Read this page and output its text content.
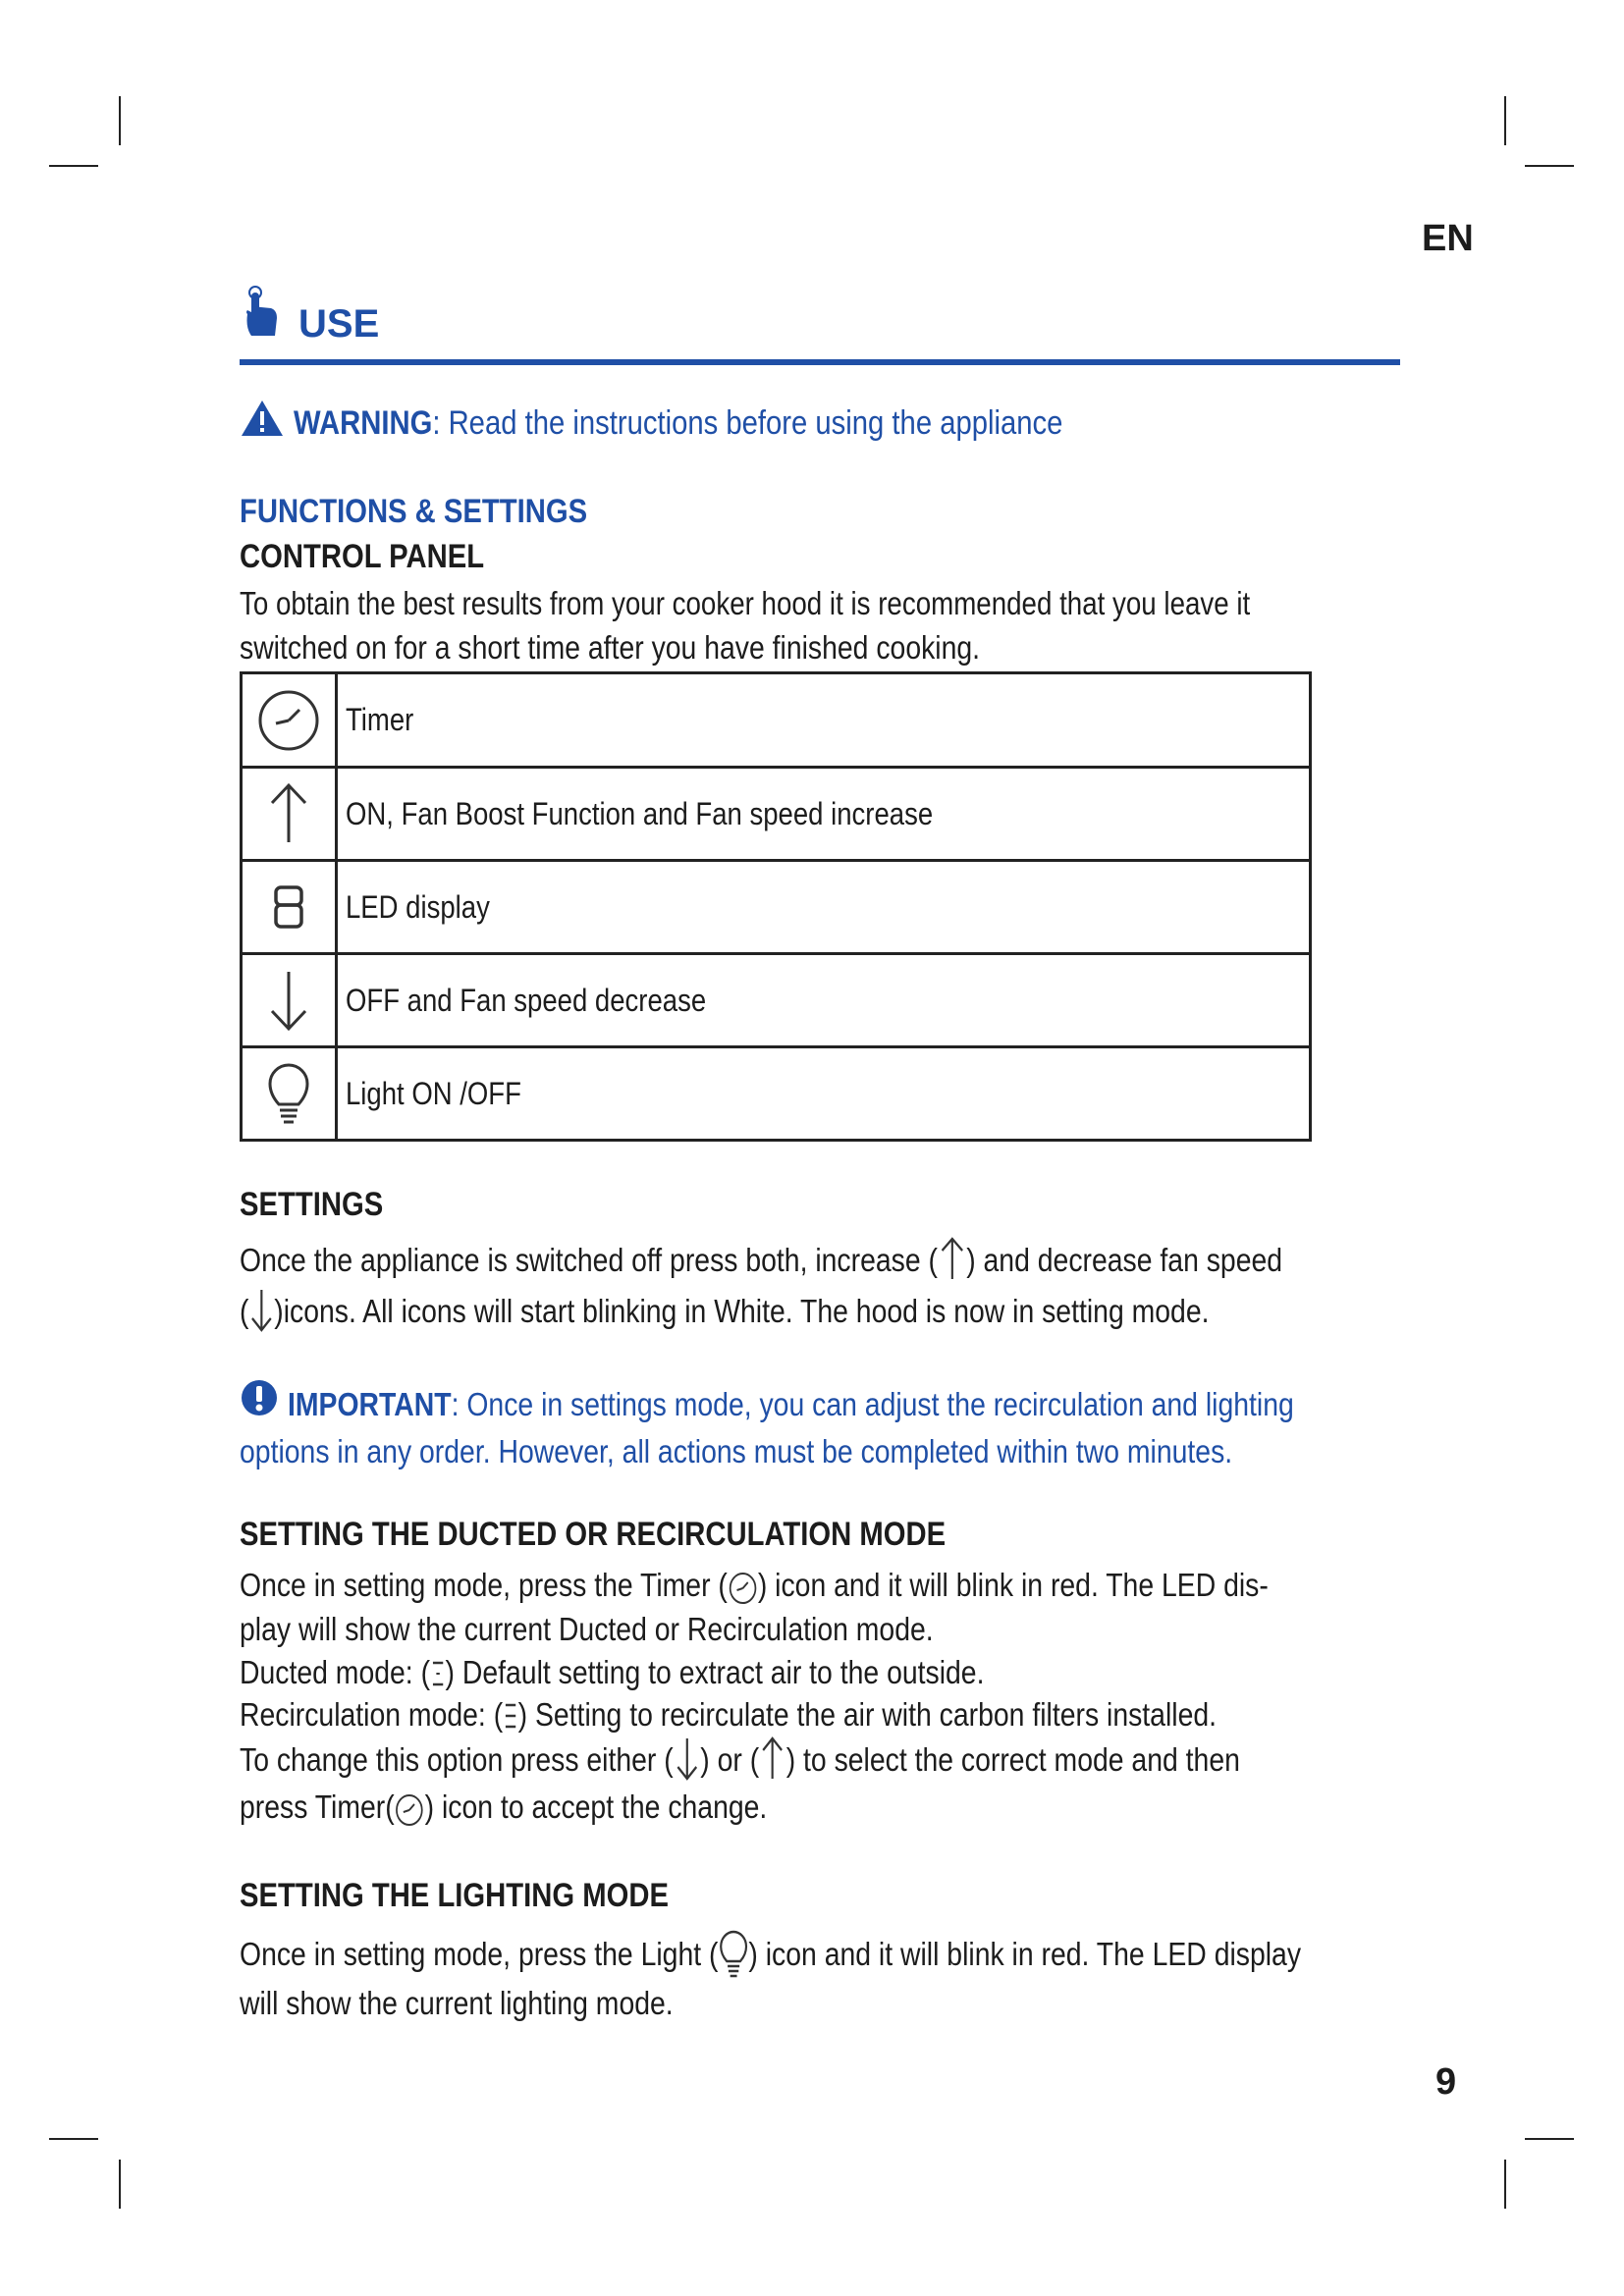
EN
USE
WARNING: Read the instructions before using the appliance
FUNCTIONS & SETTINGS
CONTROL PANEL
To obtain the best results from your cooker hood it is recommended that you leave it
switched on for a short time after you have finished cooking.
	Timer
	ON, Fan Boost Function and Fan speed increase
	LED display
	OFF and Fan speed decrease
	Light ON /OFF
SETTINGS
Once the appliance is switched off press both, increase ( ) and decrease fan speed
( )icons. All icons will start blinking in White. The hood is now in setting mode.
IMPORTANT: Once in settings mode, you can adjust the recirculation and lighting
options in any order. However, all actions must be completed within two minutes.
SETTING THE DUCTED OR RECIRCULATION MODE
Once in setting mode, press the Timer ( ) icon and it will blink in red. The LED dis-
play will show the current Ducted or Recirculation mode.
Ducted mode: ( ) Default setting to extract air to the outside.
Recirculation mode: ( ) Setting to recirculate the air with carbon filters installed.
To change this option press either ( ) or ( ) to select the correct mode and then
press Timer( ) icon to accept the change.
SETTING THE LIGHTING MODE
Once in setting mode, press the Light ( ) icon and it will blink in red. The LED display
will show the current lighting mode.
9
